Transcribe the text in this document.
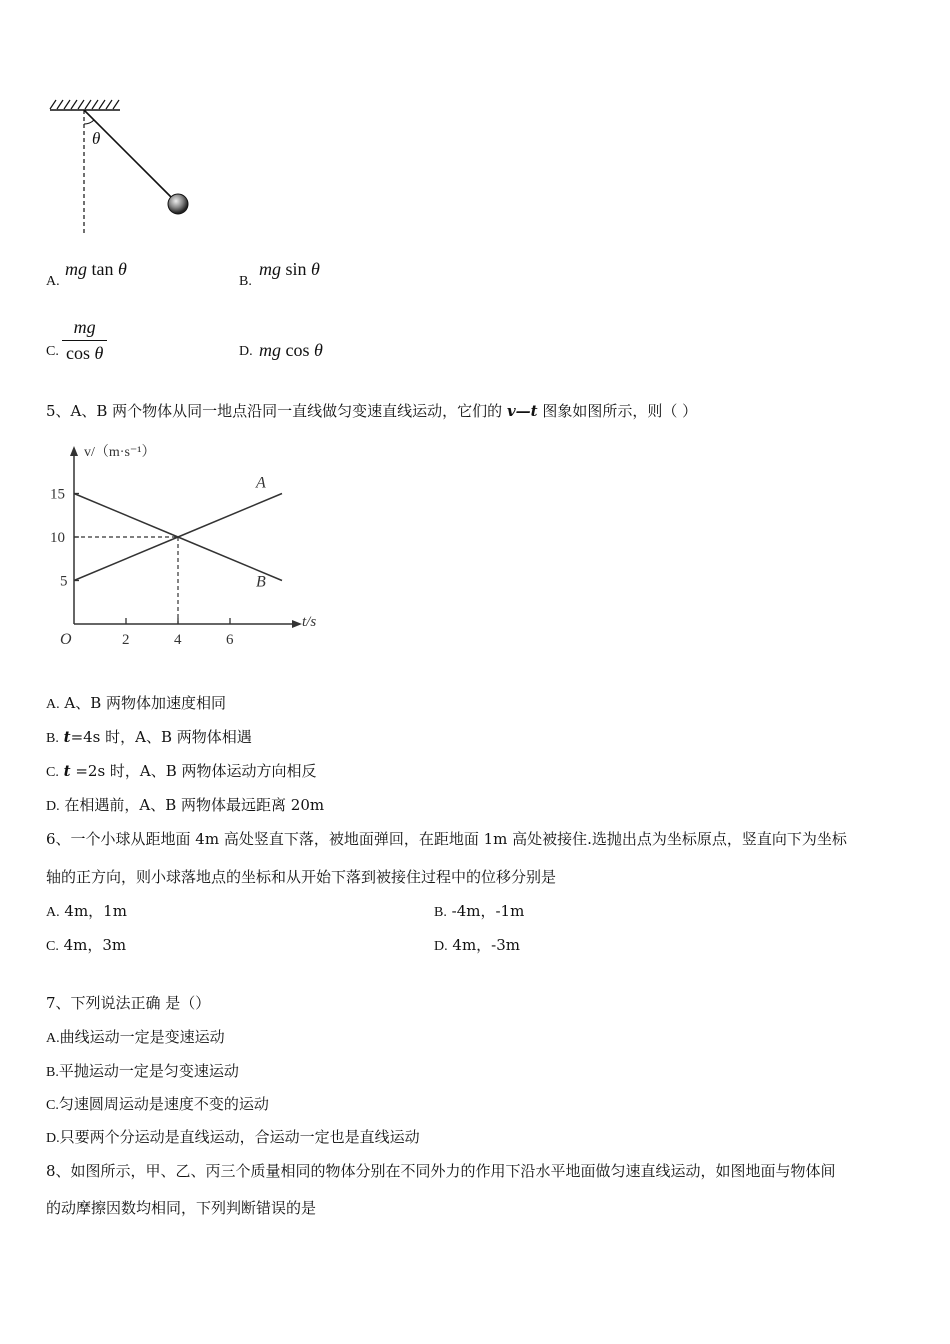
θ
A.
mg tan θ
B.
mg sin θ
C.
mg
cos θ	D. mg cos θ
5、A、B 两个物体从同一地点沿同一直线做匀变速直线运动，它们的 v—t 图象如图所示，则（ ）
v/（m·s⁻¹）
t/s
O	2	4	6
5
10
15
A
B
A. A、B 两物体加速度相同
B. t=4s 时，A、B 两物体相遇
C. t =2s 时，A、B 两物体运动方向相反
D. 在相遇前，A、B 两物体最远距离 20m
6、一个小球从距地面 4m 高处竖直下落，被地面弹回，在距地面 1m 高处被接住.选抛出点为坐标原点，竖直向下为坐标
轴的正方向，则小球落地点的坐标和从开始下落到被接住过程中的位移分别是
A. 4m，1m	B. -4m，-1m
C. 4m，3m	D. 4m，-3m
7、下列说法正确 是（）
A.曲线运动一定是变速运动
B.平抛运动一定是匀变速运动
C.匀速圆周运动是速度不变的运动
D.只要两个分运动是直线运动，合运动一定也是直线运动
8、如图所示，甲、乙、丙三个质量相同的物体分别在不同外力的作用下沿水平地面做匀速直线运动，如图地面与物体间
的动摩擦因数均相同，下列判断错误的是
